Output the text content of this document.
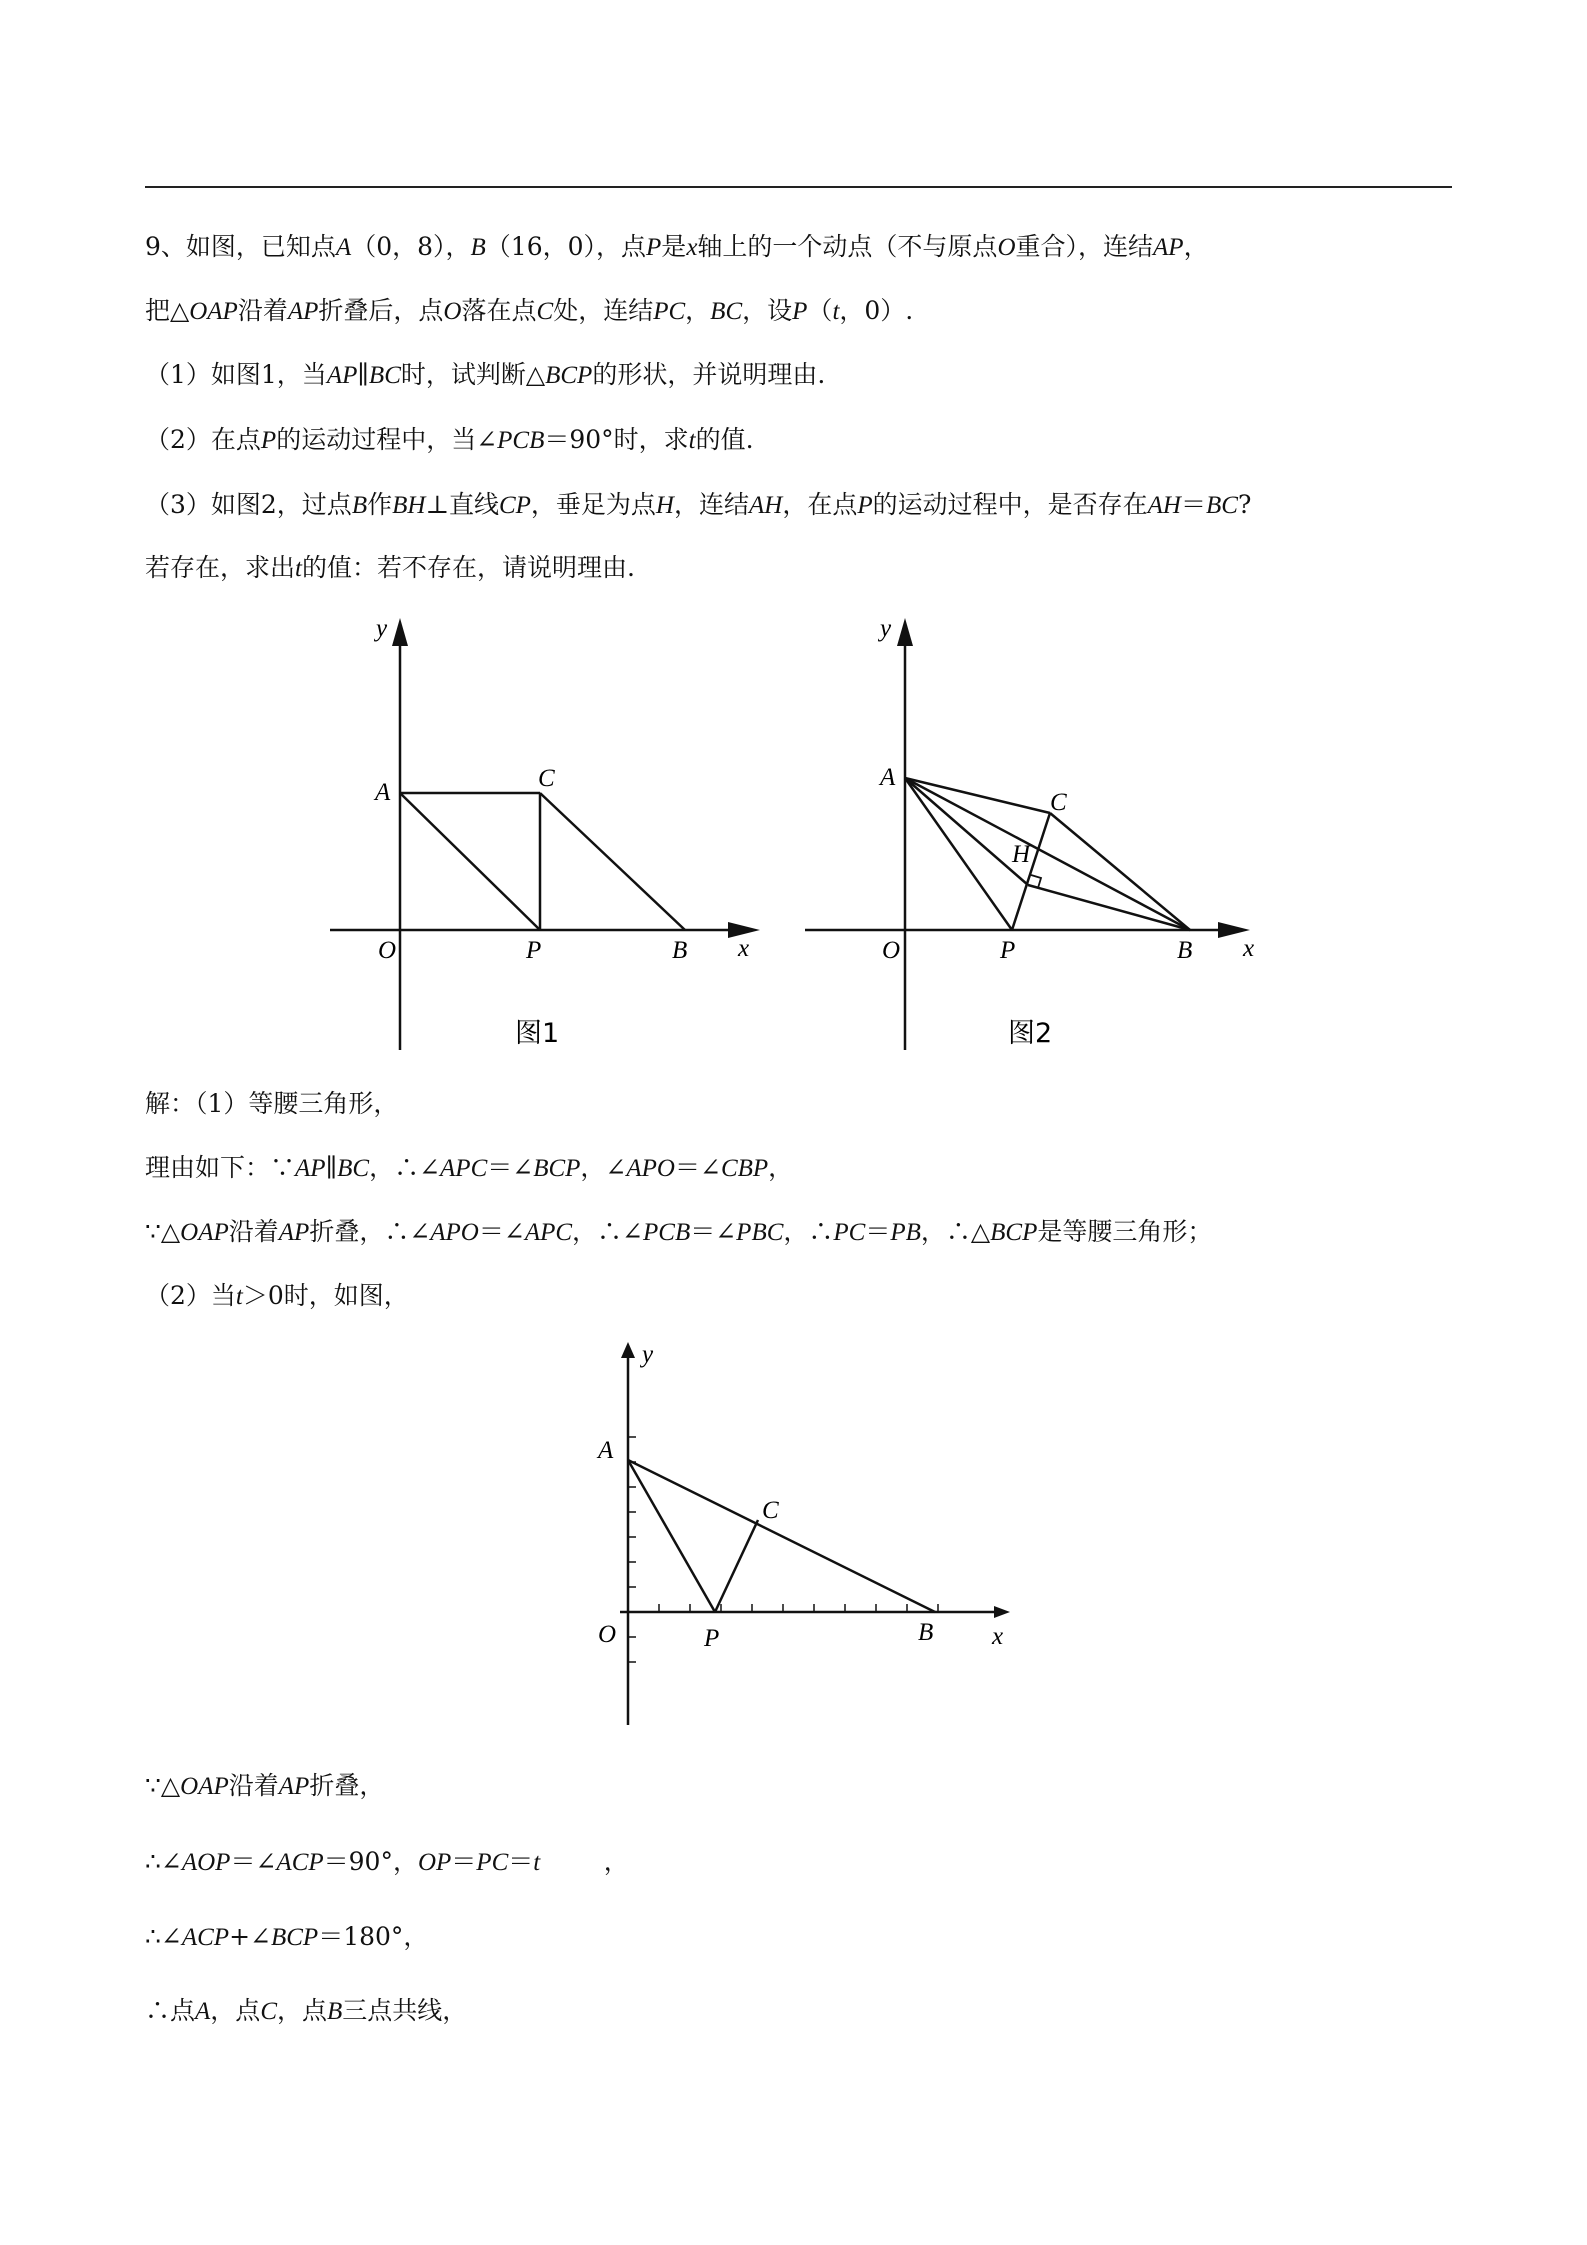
9、如图，已知点A（0，8），B（16，0），点P是x轴上的一个动点（不与原点O重合），连结AP，
把△OAP沿着AP折叠后，点O落在点C处，连结PC，BC，设P（t，0）.
（1）如图1，当AP∥BC时，试判断△BCP的形状，并说明理由.
（2）在点P的运动过程中，当∠PCB＝90°时，求t的值.
（3）如图2，过点B作BH⊥直线CP，垂足为点H，连结AH，在点P的运动过程中，是否存在AH＝BC?
若存在，求出t的值：若不存在，请说明理由.
y
A
C
O	P	B x
图1
y
A
C
H
O	P	B x
图2
解：（1）等腰三角形，
理由如下：∵AP∥BC，∴∠APC＝∠BCP，∠APO＝∠CBP，
∵△OAP沿着AP折叠，∴∠APO＝∠APC，∴∠PCB＝∠PBC，∴PC＝PB，∴△BCP是等腰三角形；
（2）当t＞0时，如图，
y
A
C
O	P	B x
∵△OAP沿着AP折叠，
∴∠AOP＝∠ACP＝90°，OP＝PC＝t        ，
∴∠ACP+∠BCP＝180°，
∴点A，点C，点B三点共线，
